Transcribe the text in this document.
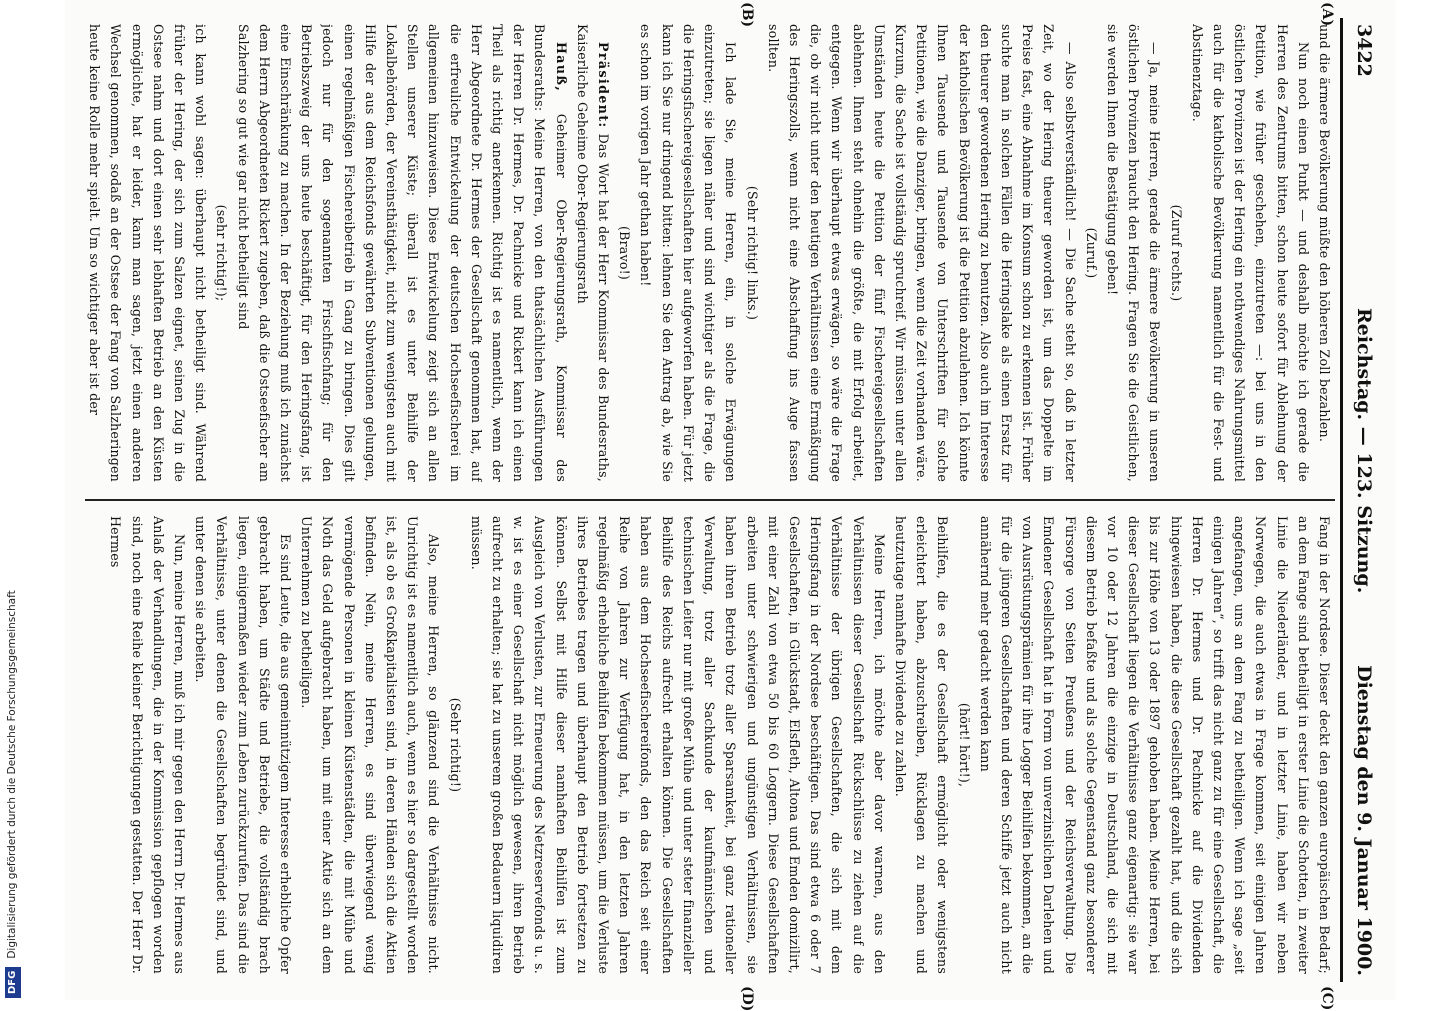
3422
Reichstag. — 123. Sitzung.
Dienstag den 9. Januar 1900.
(A)
(B)
(C)
(D)

und die ärmere Bevölkerung müßte den höheren Zoll bezahlen.

Nun noch einen Punkt — und deshalb möchte ich gerade die Herren des Zentrums bitten, schon heute sofort für Ablehnung der Petition, wie früher geschehen, einzutreten —: bei uns in den östlichen Provinzen ist der Hering ein nothwendiges Nahrungsmittel auch für die katholische Bevölkerung namentlich für die Fest- und Abstinenztage.

(Zuruf rechts.)

— Ja, meine Herren, gerade die ärmere Bevölkerung in unseren östlichen Provinzen braucht den Hering. Fragen Sie die Geistlichen, sie werden Ihnen die Bestätigung geben!

(Zuruf.)

— Also selbstverständlich! — Die Sache steht so, daß in letzter Zeit, wo der Hering theurer geworden ist, um das Doppelte im Preise fast, eine Abnahme im Konsum schon zu erkennen ist. Früher suchte man in solchen Fällen die Heringslake als einen Ersatz für den theurer gewordenen Hering zu benutzen. Also auch im Interesse der katholischen Bevölkerung ist die Petition abzulehnen. Ich könnte Ihnen Tausende und Tausende von Unterschriften für solche Petitionen, wie die Danziger, bringen, wenn die Zeit vorhanden wäre. Kurzum, die Sache ist vollständig spruchreif. Wir müssen unter allen Umständen heute die Petition der fünf Fischereigesellschaften ablehnen. Ihnen steht ohnehin die größte, die mit Erfolg arbeitet, entgegen. Wenn wir überhaupt etwas erwägen, so wäre die Frage die, ob wir nicht unter den heutigen Verhältnissen eine Ermäßigung des Heringszolls, wenn nicht eine Abschaffung ins Auge fassen sollten.

(Sehr richtig! links.)

Ich lade Sie, meine Herren, ein, in solche Erwägungen einzutreten; sie liegen näher und sind wichtiger als die Frage, die die Heringsfischereigesellschaften hier aufgeworfen haben. Für jetzt kann ich Sie nur dringend bitten: lehnen Sie den Antrag ab, wie Sie es schon im vorigen Jahr gethan haben!

(Bravo!)

Präsident: Das Wort hat der Herr Kommissar des Bundesraths, Kaiserliche Geheime Ober-Regierungsrath

Hauß, Geheimer Ober-Regierungsrath, Kommissar des Bundesraths: Meine Herren, von den thatsächlichen Ausführungen der Herren Dr. Hermes, Dr. Pachnicke und Rickert kann ich einen Theil als richtig anerkennen. Richtig ist es namentlich, wenn der Herr Abgeordnete Dr. Hermes der Gesellschaft genommen hat, auf die erfreuliche Entwickelung der deutschen Hochseefischerei im allgemeinen hinzuweisen. Diese Entwickelung zeigt sich an allen Stellen unserer Küste; überall ist es unter Beihilfe der Lokalbehörden, der Vereinsthätigkeit, nicht zum wenigsten auch mit Hilfe der aus dem Reichsfonds gewährten Subventionen gelungen, einen regelmäßigen Fischereibetrieb in Gang zu bringen. Dies gilt jedoch nur für den sogenannten Frischfischfang; für den Betriebszweig der uns heute beschäftigt, für den Heringsfang, ist eine Einschränkung zu machen. In der Beziehung muß ich zunächst dem Herrn Abgeordneten Rickert zugeben, daß die Ostseefischer am Salzhering so gut wie gar nicht betheiligt sind

(sehr richtig!);

ich kann wohl sagen: überhaupt nicht betheiligt sind. Während früher der Hering, der sich zum Salzen eignet, seinen Zug in die Ostsee nahm und dort einen sehr lebhaften Betrieb an den Küsten ermöglichte, hat er leider, kann man sagen, jetzt einen anderen Wechsel genommen, sodaß an der Ostsee der Fang von Salzheringen heute keine Rolle mehr spielt. Um so wichtiger aber ist der

Fang in der Nordsee. Dieser deckt den ganzen europäischen Bedarf; an dem Fange sind betheiligt in erster Linie die Schotten, in zweiter Linie die Niederländer, und in letzter Linie, haben wir neben Norwegen, die auch etwas in Frage kommen, seit einigen Jahren angefangen, uns an dem Fang zu betheiligen. Wenn ich sage „seit einigen Jahren“, so trifft das nicht ganz zu für eine Gesellschaft, die Herren Dr. Hermes und Dr. Pachnicke auf die Dividenden hingewiesen haben, die diese Gesellschaft gezahlt hat, und die sich bis zur Höhe von 13 oder 1897 gehoben haben. Meine Herren, bei dieser Gesellschaft liegen die Verhältnisse ganz eigenartig: sie war vor 10 oder 12 Jahren die einzige in Deutschland, die sich mit diesem Betrieb befaßte und als solche Gegenstand ganz besonderer Fürsorge von Seiten Preußens und der Reichsverwaltung. Die Emdener Gesellschaft hat in Form von unverzinslichen Darlehen und von Ausrüstungsprämien für ihre Logger Beihilfen bekommen, an die für die jüngeren Gesellschaften und deren Schiffe jetzt auch nicht annähernd mehr gedacht werden kann

(hört! hört!),

Beihilfen, die es der Gesellschaft ermöglicht oder wenigstens erleichtert haben, abzuschreiben, Rücklagen zu machen und heutzutage namhafte Dividende zu zahlen.

Meine Herren, ich möchte aber davor warnen, aus den Verhältnissen dieser Gesellschaft Rückschlüsse zu ziehen auf die Verhältnisse der übrigen Gesellschaften, die sich mit dem Heringsfang in der Nordsee beschäftigen. Das sind etwa 6 oder 7 Gesellschaften, in Glückstadt, Elsfleth, Altona und Emden domizilirt, mit einer Zahl von etwa 50 bis 60 Loggern. Diese Gesellschaften arbeiten unter schwierigen und ungünstigen Verhältnissen, sie haben ihren Betrieb trotz aller Sparsamkeit, bei ganz rationeller Verwaltung, trotz aller Sachkunde der kaufmännischen und technischen Leiter nur mit großer Mühe und unter steter finanzieller Beihilfe des Reichs aufrecht erhalten können. Die Gesellschaften haben aus dem Hochseefischereifonds, den das Reich seit einer Reihe von Jahren zur Verfügung hat, in den letzten Jahren regelmäßig erhebliche Beihilfen bekommen müssen, um die Verluste ihres Betriebes tragen und überhaupt den Betrieb fortsetzen zu können. Selbst mit Hilfe dieser namhaften Beihilfen ist zum Ausgleich von Verlusten, zur Erneuerung des Netzreservefonds u. s. w. ist es einer Gesellschaft nicht möglich gewesen, ihren Betrieb aufrecht zu erhalten; sie hat zu unserem großen Bedauern liquidiren müssen.

(Sehr richtig!)

Also, meine Herren, so glänzend sind die Verhältnisse nicht. Unrichtig ist es namentlich auch, wenn es hier so dargestellt worden ist, als ob es Großkapitalisten sind, in deren Händen sich die Aktien befinden. Nein, meine Herren, es sind überwiegend wenig vermögende Personen in kleinen Küstenstädten, die mit Mühe und Noth das Geld aufgebracht haben, um mit einer Aktie sich an dem Unternehmen zu betheiligen.

Es sind Leute, die aus gemeinnützigem Interesse erhebliche Opfer gebracht haben, um Städte und Betriebe, die vollständig brach liegen, einigermaßen wieder zum Leben zurückzurufen. Das sind die Verhältnisse, unter denen die Gesellschaften begründet sind, und unter denen sie arbeiten.

Nun, meine Herren, muß ich mir gegen den Herrn Dr. Hermes aus Anlaß der Verhandlungen, die in der Kommission gepflogen worden sind, noch eine Reihe kleiner Berichtigungen gestatten. Der Herr Dr. Hermes

DFGDigitalisierung gefördert durch die Deutsche Forschungsgemeinschaft
